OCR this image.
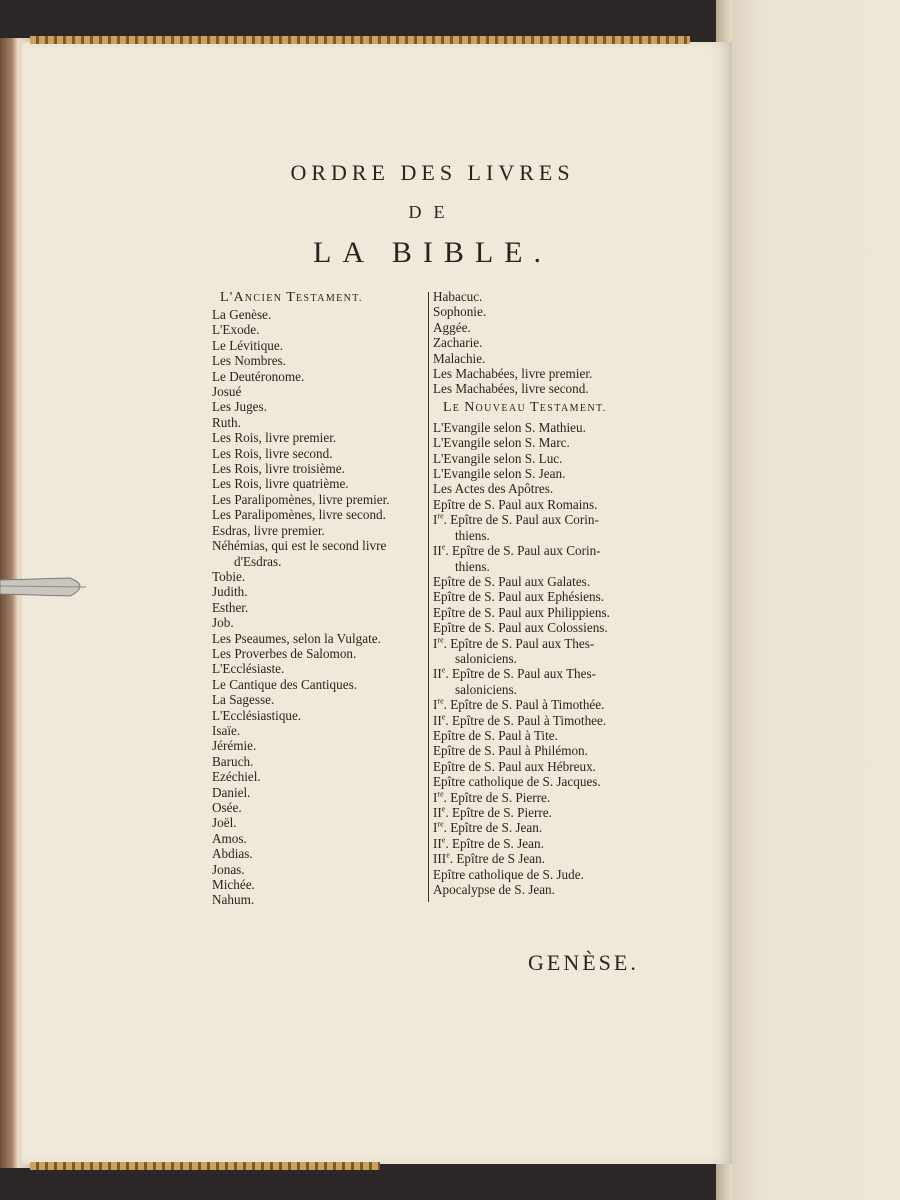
ORDRE DES LIVRES
DE
LA BIBLE.
L'ANCIEN TESTAMENT.
La Genèse.
L'Exode.
Le Lévitique.
Les Nombres.
Le Deutéronome.
Josué
Les Juges.
Ruth.
Les Rois, livre premier.
Les Rois, livre second.
Les Rois, livre troisième.
Les Rois, livre quatrième.
Les Paralipomènes, livre premier.
Les Paralipomènes, livre second.
Esdras, livre premier.
Néhémias, qui est le second livre
d'Esdras.
Tobie.
Judith.
Esther.
Job.
Les Pseaumes, selon la Vulgate.
Les Proverbes de Salomon.
L'Ecclésiaste.
Le Cantique des Cantiques.
La Sagesse.
L'Ecclésiastique.
Isaïe.
Jérémie.
Baruch.
Ezéchiel.
Daniel.
Osée.
Joël.
Amos.
Abdias.
Jonas.
Michée.
Nahum.
Habacuc.
Sophonie.
Aggée.
Zacharie.
Malachie.
Les Machabées, livre premier.
Les Machabées, livre second.
LE NOUVEAU TESTAMENT.
L'Evangile selon S. Mathieu.
L'Evangile selon S. Marc.
L'Evangile selon S. Luc.
L'Evangile selon S. Jean.
Les Actes des Apôtres.
Epître de S. Paul aux Romains.
Ire. Epître de S. Paul aux Corin-
thiens.
IIe. Epître de S. Paul aux Corin-
thiens.
Epître de S. Paul aux Galates.
Epître de S. Paul aux Ephésiens.
Epître de S. Paul aux Philippiens.
Epître de S. Paul aux Colossiens.
Ire. Epître de S. Paul aux Thes-
saloniciens.
IIe. Epître de S. Paul aux Thes-
saloniciens.
Ire. Epître de S. Paul à Timothée.
IIe. Epître de S. Paul à Timothee.
Epître de S. Paul à Tite.
Epître de S. Paul à Philémon.
Epître de S. Paul aux Hébreux.
Epître catholique de S. Jacques.
Ire. Epître de S. Pierre.
IIe. Epître de S. Pierre.
Ire. Epître de S. Jean.
IIe. Epître de S. Jean.
IIIe. Epître de S Jean.
Epître catholique de S. Jude.
Apocalypse de S. Jean.
GENÈSE.
